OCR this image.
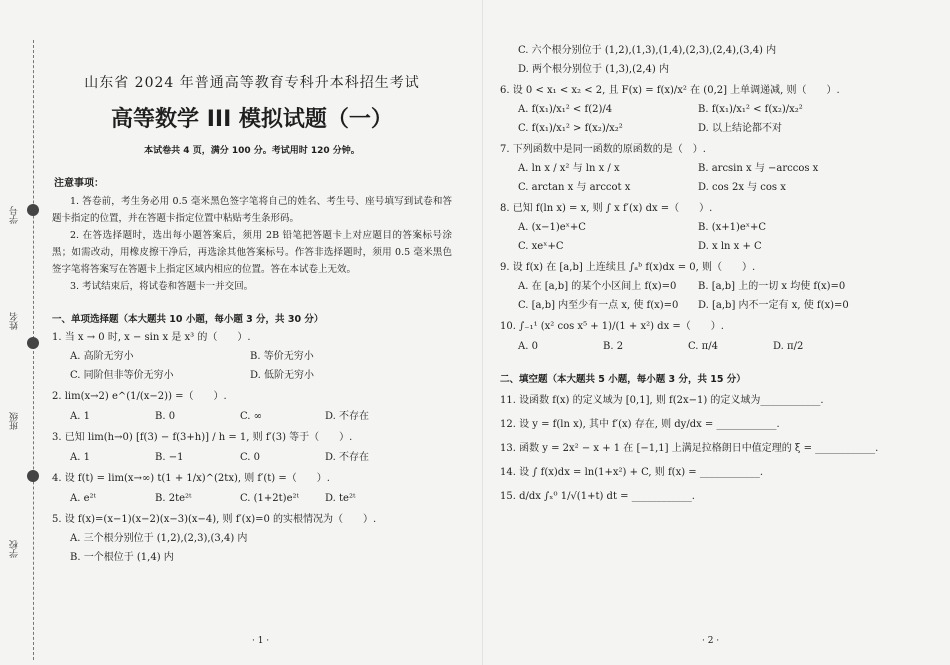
学号
姓名
班级
学校
山东省 2024 年普通高等教育专科升本科招生考试
高等数学 III 模拟试题（一）
本试卷共 4 页，满分 100 分。考试用时 120 分钟。
注意事项：
1. 答卷前，考生务必用 0.5 毫米黑色签字笔将自己的姓名、考生号、座号填写到试卷和答题卡指定的位置，并在答题卡指定位置中粘贴考生条形码。
2. 在答选择题时，选出每小题答案后，须用 2B 铅笔把答题卡上对应题目的答案标号涂黑；如需改动，用橡皮擦干净后，再选涂其他答案标号。作答非选择题时，须用 0.5 毫米黑色签字笔将答案写在答题卡上指定区域内相应的位置。答在本试卷上无效。
3. 考试结束后，将试卷和答题卡一并交回。
一、单项选择题（本大题共 10 小题，每小题 3 分，共 30 分）
1. 当 x → 0 时, x − sin x 是 x³ 的（　　）.
A. 高阶无穷小	B. 等价无穷小
C. 同阶但非等价无穷小	D. 低阶无穷小
2. lim(x→2) e^(1/(x−2)) =（　　）.
A. 1	B. 0	C. ∞	D. 不存在
3. 已知 lim(h→0) [f(3) − f(3+h)] / h = 1, 则 f′(3) 等于（　　）.
A. 1	B. −1	C. 0	D. 不存在
4. 设 f(t) = lim(x→∞) t(1 + 1/x)^(2tx), 则 f′(t) =（　　）.
A. e²ᵗ	B. 2te²ᵗ	C. (1+2t)e²ᵗ	D. te²ᵗ
5. 设 f(x)=(x−1)(x−2)(x−3)(x−4), 则 f′(x)=0 的实根情况为（　　）.
A. 三个根分别位于 (1,2),(2,3),(3,4) 内
B. 一个根位于 (1,4) 内
C. 六个根分别位于 (1,2),(1,3),(1,4),(2,3),(2,4),(3,4) 内
D. 两个根分别位于 (1,3),(2,4) 内
6. 设 0 < x₁ < x₂ < 2, 且 F(x) = f(x)/x² 在 (0,2] 上单调递减, 则（　　）.
A. f(x₁)/x₁² < f(2)/4	B. f(x₁)/x₁² < f(x₂)/x₂²
C. f(x₁)/x₁² > f(x₂)/x₂²	D. 以上结论都不对
7. 下列函数中是同一函数的原函数的是（　）.
A. ln x / x² 与 ln x / x	B. arcsin x 与 −arccos x
C. arctan x 与 arccot x	D. cos 2x 与 cos x
8. 已知 f(ln x) = x, 则 ∫ x f′(x) dx =（　　）.
A. (x−1)eˣ+C	B. (x+1)eˣ+C
C. xeˣ+C	D. x ln x + C
9. 设 f(x) 在 [a,b] 上连续且 ∫ₐᵇ f(x)dx = 0, 则（　　）.
A. 在 [a,b] 的某个小区间上 f(x)=0	B. [a,b] 上的一切 x 均使 f(x)=0
C. [a,b] 内至少有一点 x, 使 f(x)=0	D. [a,b] 内不一定有 x, 使 f(x)=0
10. ∫₋₁¹ (x² cos x⁵ + 1)/(1 + x²) dx =（　　）.
A. 0	B. 2	C. π/4	D. π/2
二、填空题（本大题共 5 小题，每小题 3 分，共 15 分）
11. 设函数 f(x) 的定义域为 [0,1], 则 f(2x−1) 的定义域为____________.
12. 设 y = f(ln x), 其中 f′(x) 存在, 则 dy/dx = ____________.
13. 函数 y = 2x² − x + 1 在 [−1,1] 上满足拉格朗日中值定理的 ξ = ____________.
14. 设 ∫ f(x)dx = ln(1+x²) + C, 则 f(x) = ____________.
15. d/dx ∫ₓ⁰ 1/√(1+t) dt = ____________.
· 1 ·	· 2 ·
